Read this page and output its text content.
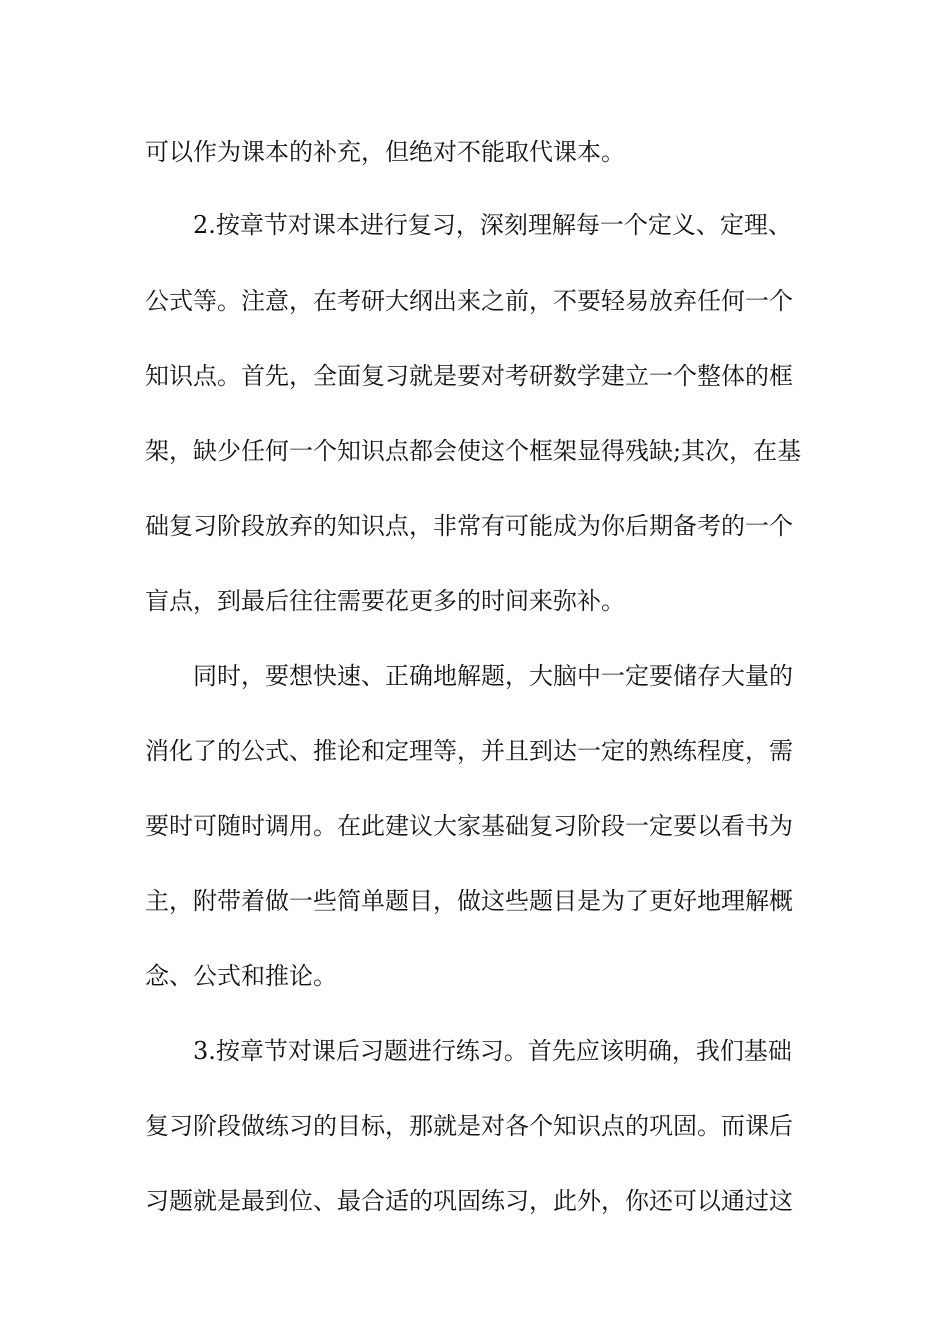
可以作为课本的补充，但绝对不能取代课本。
2.按章节对课本进行复习，深刻理解每一个定义、定理、
公式等。注意，在考研大纲出来之前，不要轻易放弃任何一个
知识点。首先，全面复习就是要对考研数学建立一个整体的框
架，缺少任何一个知识点都会使这个框架显得残缺;其次，在基
础复习阶段放弃的知识点，非常有可能成为你后期备考的一个
盲点，到最后往往需要花更多的时间来弥补。
同时，要想快速、正确地解题，大脑中一定要储存大量的
消化了的公式、推论和定理等，并且到达一定的熟练程度，需
要时可随时调用。在此建议大家基础复习阶段一定要以看书为
主，附带着做一些简单题目，做这些题目是为了更好地理解概
念、公式和推论。
3.按章节对课后习题进行练习。首先应该明确，我们基础
复习阶段做练习的目标，那就是对各个知识点的巩固。而课后
习题就是最到位、最合适的巩固练习，此外，你还可以通过这
